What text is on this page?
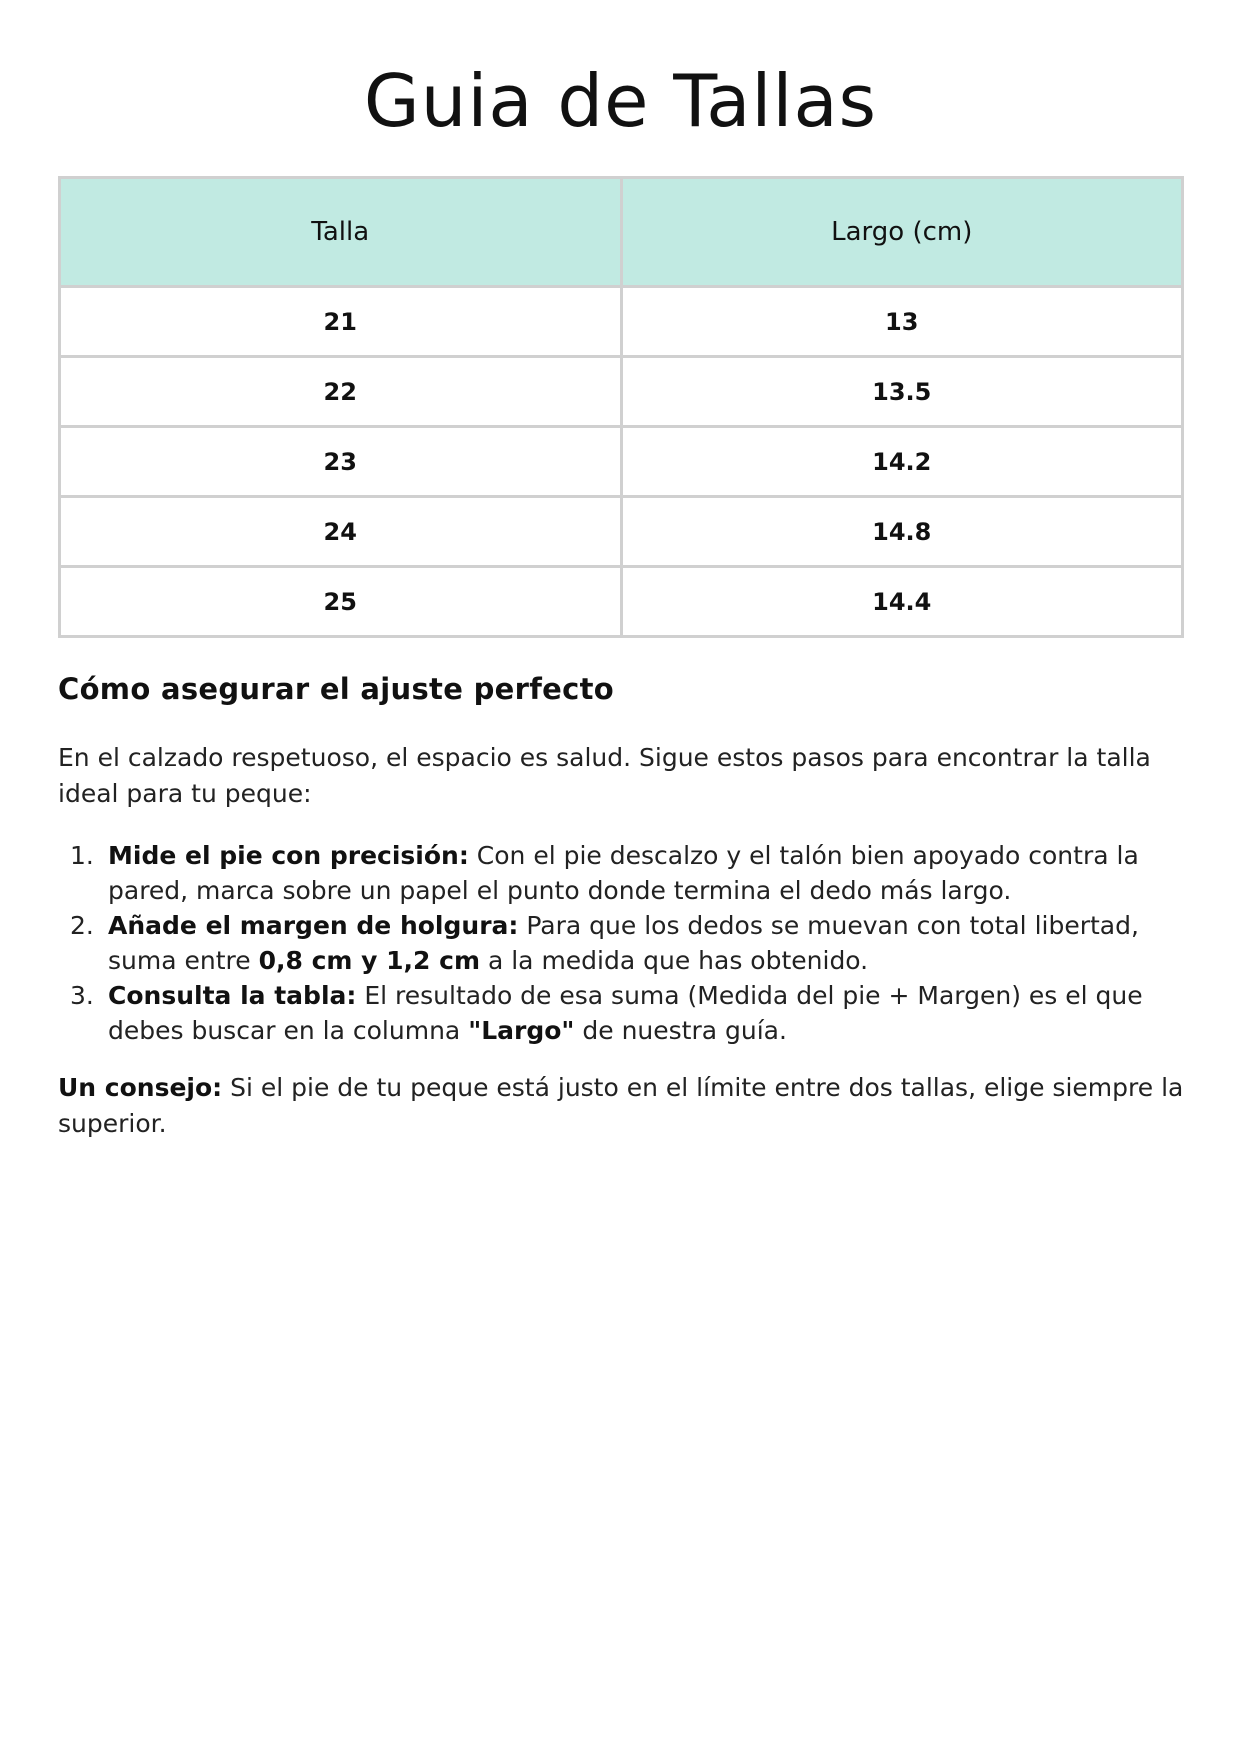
Guia de Tallas
Talla	Largo (cm)
21	13
22	13.5
23	14.2
24	14.8
25	14.4
Cómo asegurar el ajuste perfecto

En el calzado respetuoso, el espacio es salud. Sigue estos pasos para encontrar la talla ideal para tu peque:

1. Mide el pie con precisión: Con el pie descalzo y el talón bien apoyado contra la pared, marca sobre un papel el punto donde termina el dedo más largo.
2. Añade el margen de holgura: Para que los dedos se muevan con total libertad, suma entre 0,8 cm y 1,2 cm a la medida que has obtenido.
3. Consulta la tabla: El resultado de esa suma (Medida del pie + Margen) es el que debes buscar en la columna "Largo" de nuestra guía.

Un consejo: Si el pie de tu peque está justo en el límite entre dos tallas, elige siempre la superior.
